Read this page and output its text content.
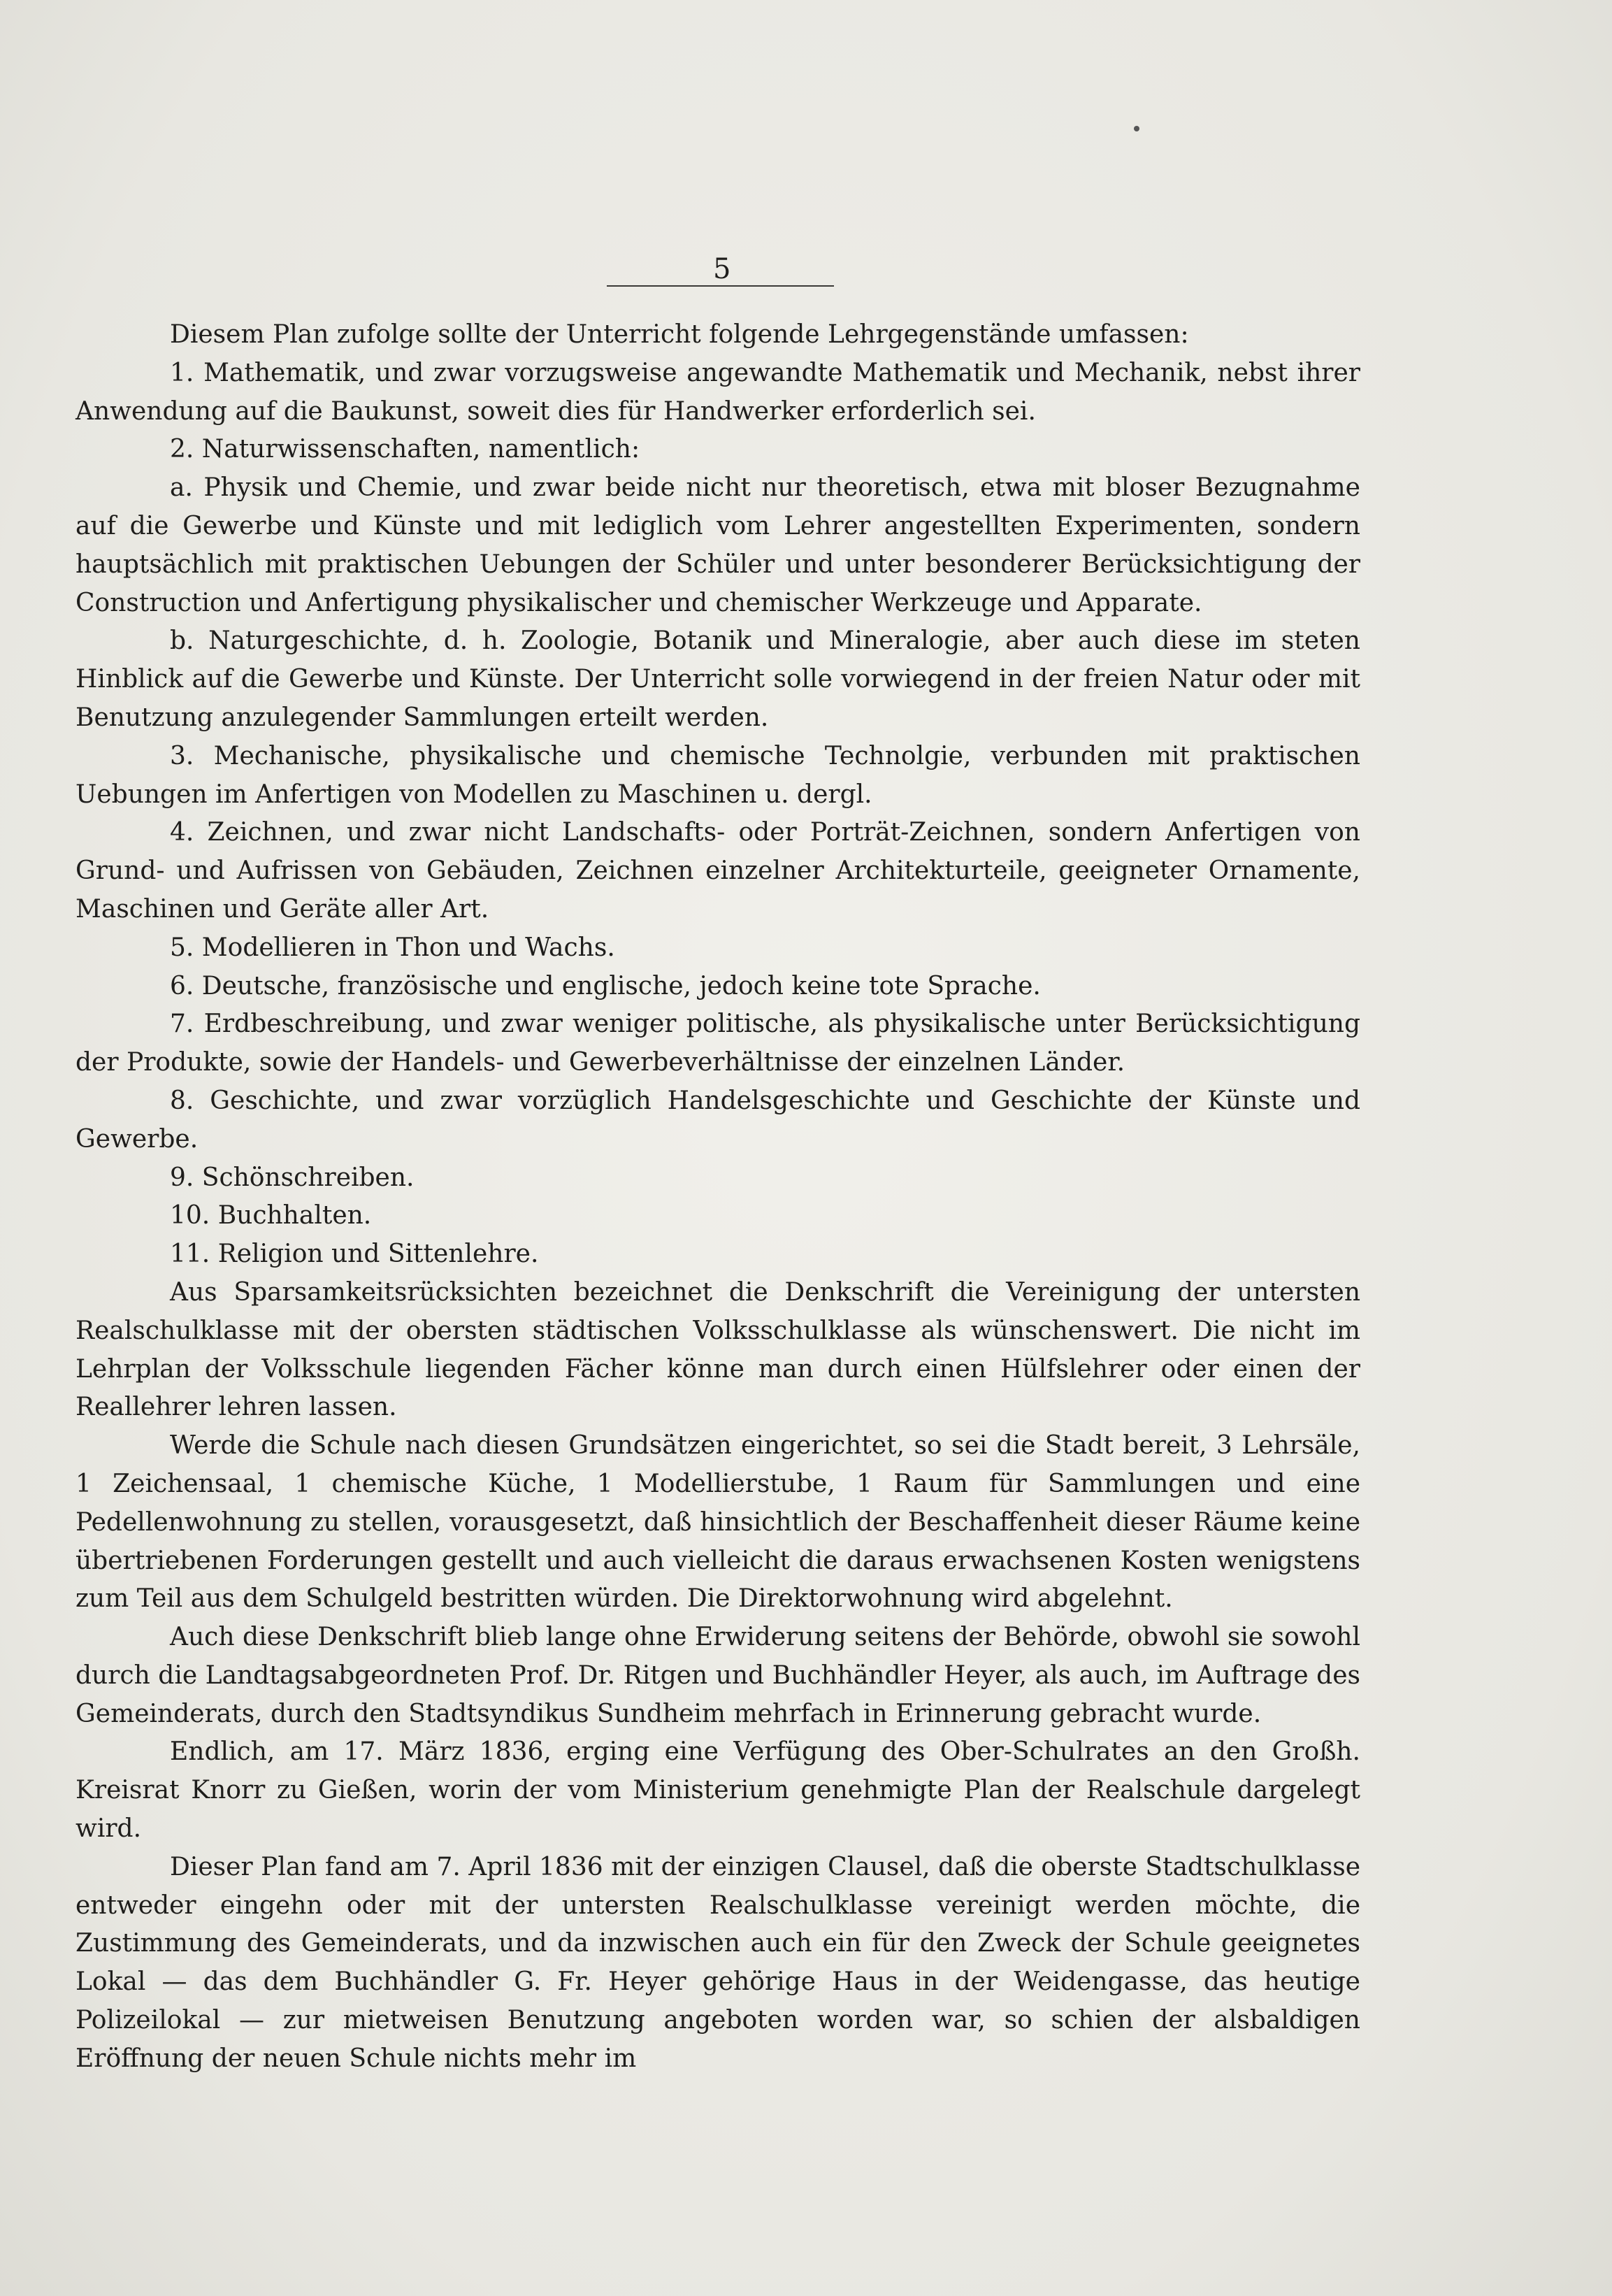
5

Diesem Plan zufolge sollte der Unterricht folgende Lehrgegenstände umfassen:

1. Mathematik, und zwar vorzugsweise angewandte Mathematik und Mechanik, nebst ihrer Anwendung auf die Baukunst, soweit dies für Handwerker erforderlich sei.

2. Naturwissenschaften, namentlich:

a. Physik und Chemie, und zwar beide nicht nur theoretisch, etwa mit bloser Bezugnahme auf die Gewerbe und Künste und mit lediglich vom Lehrer angestellten Experimenten, sondern hauptsächlich mit praktischen Uebungen der Schüler und unter besonderer Berücksichtigung der Construction und Anfertigung physikalischer und chemischer Werkzeuge und Apparate.

b. Naturgeschichte, d. h. Zoologie, Botanik und Mineralogie, aber auch diese im steten Hinblick auf die Gewerbe und Künste. Der Unterricht solle vorwiegend in der freien Natur oder mit Benutzung anzulegender Sammlungen erteilt werden.

3. Mechanische, physikalische und chemische Technolgie, verbunden mit praktischen Uebungen im Anfertigen von Modellen zu Maschinen u. dergl.

4. Zeichnen, und zwar nicht Landschafts- oder Porträt-Zeichnen, sondern Anfertigen von Grund- und Aufrissen von Gebäuden, Zeichnen einzelner Architekturteile, geeigneter Ornamente, Maschinen und Geräte aller Art.

5. Modellieren in Thon und Wachs.

6. Deutsche, französische und englische, jedoch keine tote Sprache.

7. Erdbeschreibung, und zwar weniger politische, als physikalische unter Berücksichtigung der Produkte, sowie der Handels- und Gewerbeverhältnisse der einzelnen Länder.

8. Geschichte, und zwar vorzüglich Handelsgeschichte und Geschichte der Künste und Gewerbe.

9. Schönschreiben.

10. Buchhalten.

11. Religion und Sittenlehre.

Aus Sparsamkeitsrücksichten bezeichnet die Denkschrift die Vereinigung der untersten Realschulklasse mit der obersten städtischen Volksschulklasse als wünschenswert. Die nicht im Lehrplan der Volksschule liegenden Fächer könne man durch einen Hülfslehrer oder einen der Reallehrer lehren lassen.

Werde die Schule nach diesen Grundsätzen eingerichtet, so sei die Stadt bereit, 3 Lehrsäle, 1 Zeichensaal, 1 chemische Küche, 1 Modellierstube, 1 Raum für Sammlungen und eine Pedellenwohnung zu stellen, vorausgesetzt, daß hinsichtlich der Beschaffenheit dieser Räume keine übertriebenen Forderungen gestellt und auch vielleicht die daraus erwachsenen Kosten wenigstens zum Teil aus dem Schulgeld bestritten würden. Die Direktorwohnung wird abgelehnt.

Auch diese Denkschrift blieb lange ohne Erwiderung seitens der Behörde, obwohl sie sowohl durch die Landtagsabgeordneten Prof. Dr. Ritgen und Buchhändler Heyer, als auch, im Auftrage des Gemeinderats, durch den Stadtsyndikus Sundheim mehrfach in Erinnerung gebracht wurde.

Endlich, am 17. März 1836, erging eine Verfügung des Ober-Schulrates an den Großh. Kreisrat Knorr zu Gießen, worin der vom Ministerium genehmigte Plan der Realschule dargelegt wird.

Dieser Plan fand am 7. April 1836 mit der einzigen Clausel, daß die oberste Stadtschulklasse entweder eingehn oder mit der untersten Realschulklasse vereinigt werden möchte, die Zustimmung des Gemeinderats, und da inzwischen auch ein für den Zweck der Schule geeignetes Lokal — das dem Buchhändler G. Fr. Heyer gehörige Haus in der Weidengasse, das heutige Polizeilokal — zur mietweisen Benutzung angeboten worden war, so schien der alsbaldigen Eröffnung der neuen Schule nichts mehr im
